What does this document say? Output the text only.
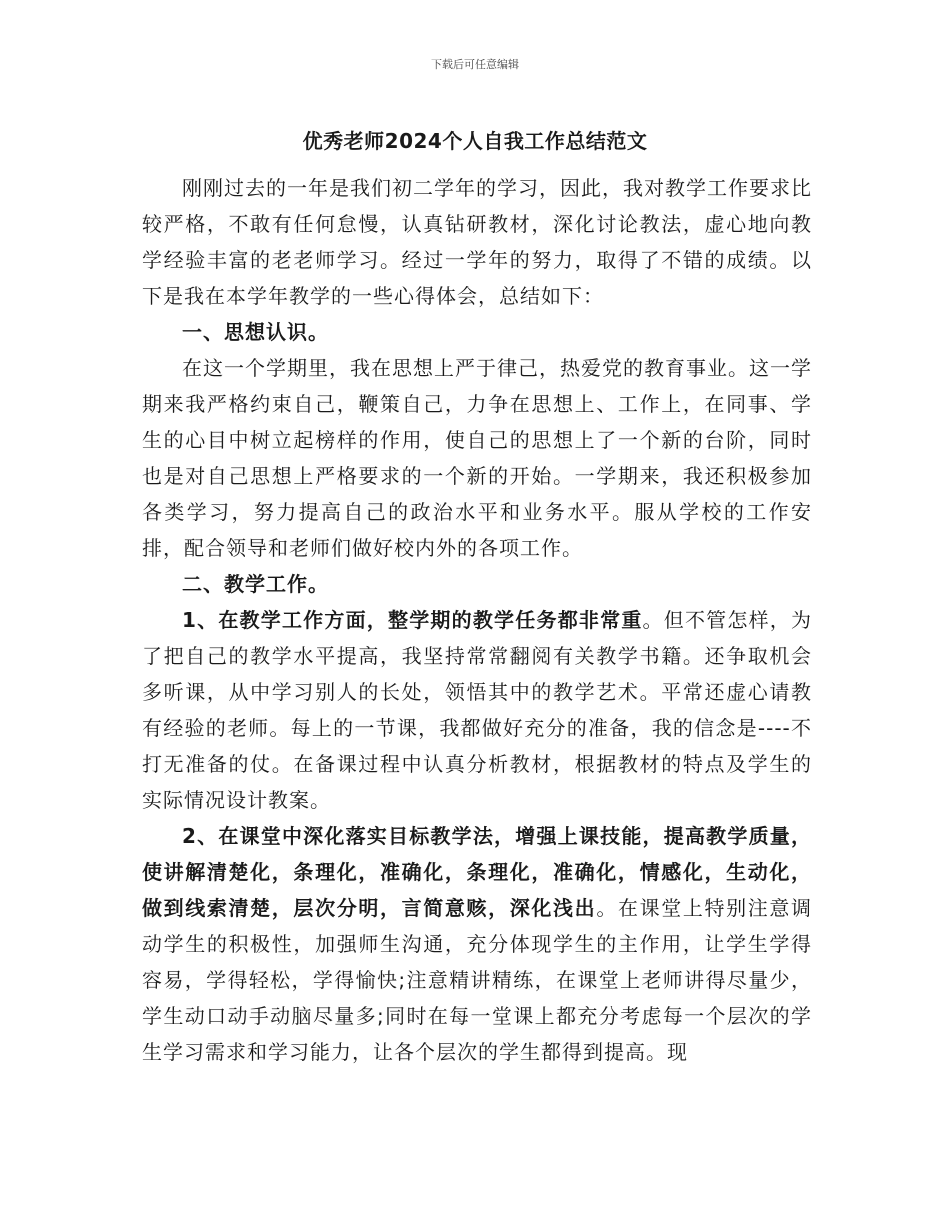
下载后可任意编辑
优秀老师2024个人自我工作总结范文

刚刚过去的一年是我们初二学年的学习，因此，我对教学工作要求比较严格，不敢有任何怠慢，认真钻研教材，深化讨论教法，虚心地向教学经验丰富的老老师学习。经过一学年的努力，取得了不错的成绩。以下是我在本学年教学的一些心得体会，总结如下：

一、思想认识。

在这一个学期里，我在思想上严于律己，热爱党的教育事业。这一学期来我严格约束自己，鞭策自己，力争在思想上、工作上，在同事、学生的心目中树立起榜样的作用，使自己的思想上了一个新的台阶，同时也是对自己思想上严格要求的一个新的开始。一学期来，我还积极参加各类学习，努力提高自己的政治水平和业务水平。服从学校的工作安排，配合领导和老师们做好校内外的各项工作。

二、教学工作。

1、在教学工作方面，整学期的教学任务都非常重。但不管怎样，为了把自己的教学水平提高，我坚持常常翻阅有关教学书籍。还争取机会多听课，从中学习别人的长处，领悟其中的教学艺术。平常还虚心请教有经验的老师。每上的一节课，我都做好充分的准备，我的信念是----不打无准备的仗。在备课过程中认真分析教材，根据教材的特点及学生的实际情况设计教案。

2、在课堂中深化落实目标教学法，增强上课技能，提高教学质量，使讲解清楚化，条理化，准确化，条理化，准确化，情感化，生动化，做到线索清楚，层次分明，言简意赅，深化浅出。在课堂上特别注意调动学生的积极性，加强师生沟通，充分体现学生的主作用，让学生学得容易，学得轻松，学得愉快;注意精讲精练，在课堂上老师讲得尽量少，学生动口动手动脑尽量多;同时在每一堂课上都充分考虑每一个层次的学生学习需求和学习能力，让各个层次的学生都得到提高。现
